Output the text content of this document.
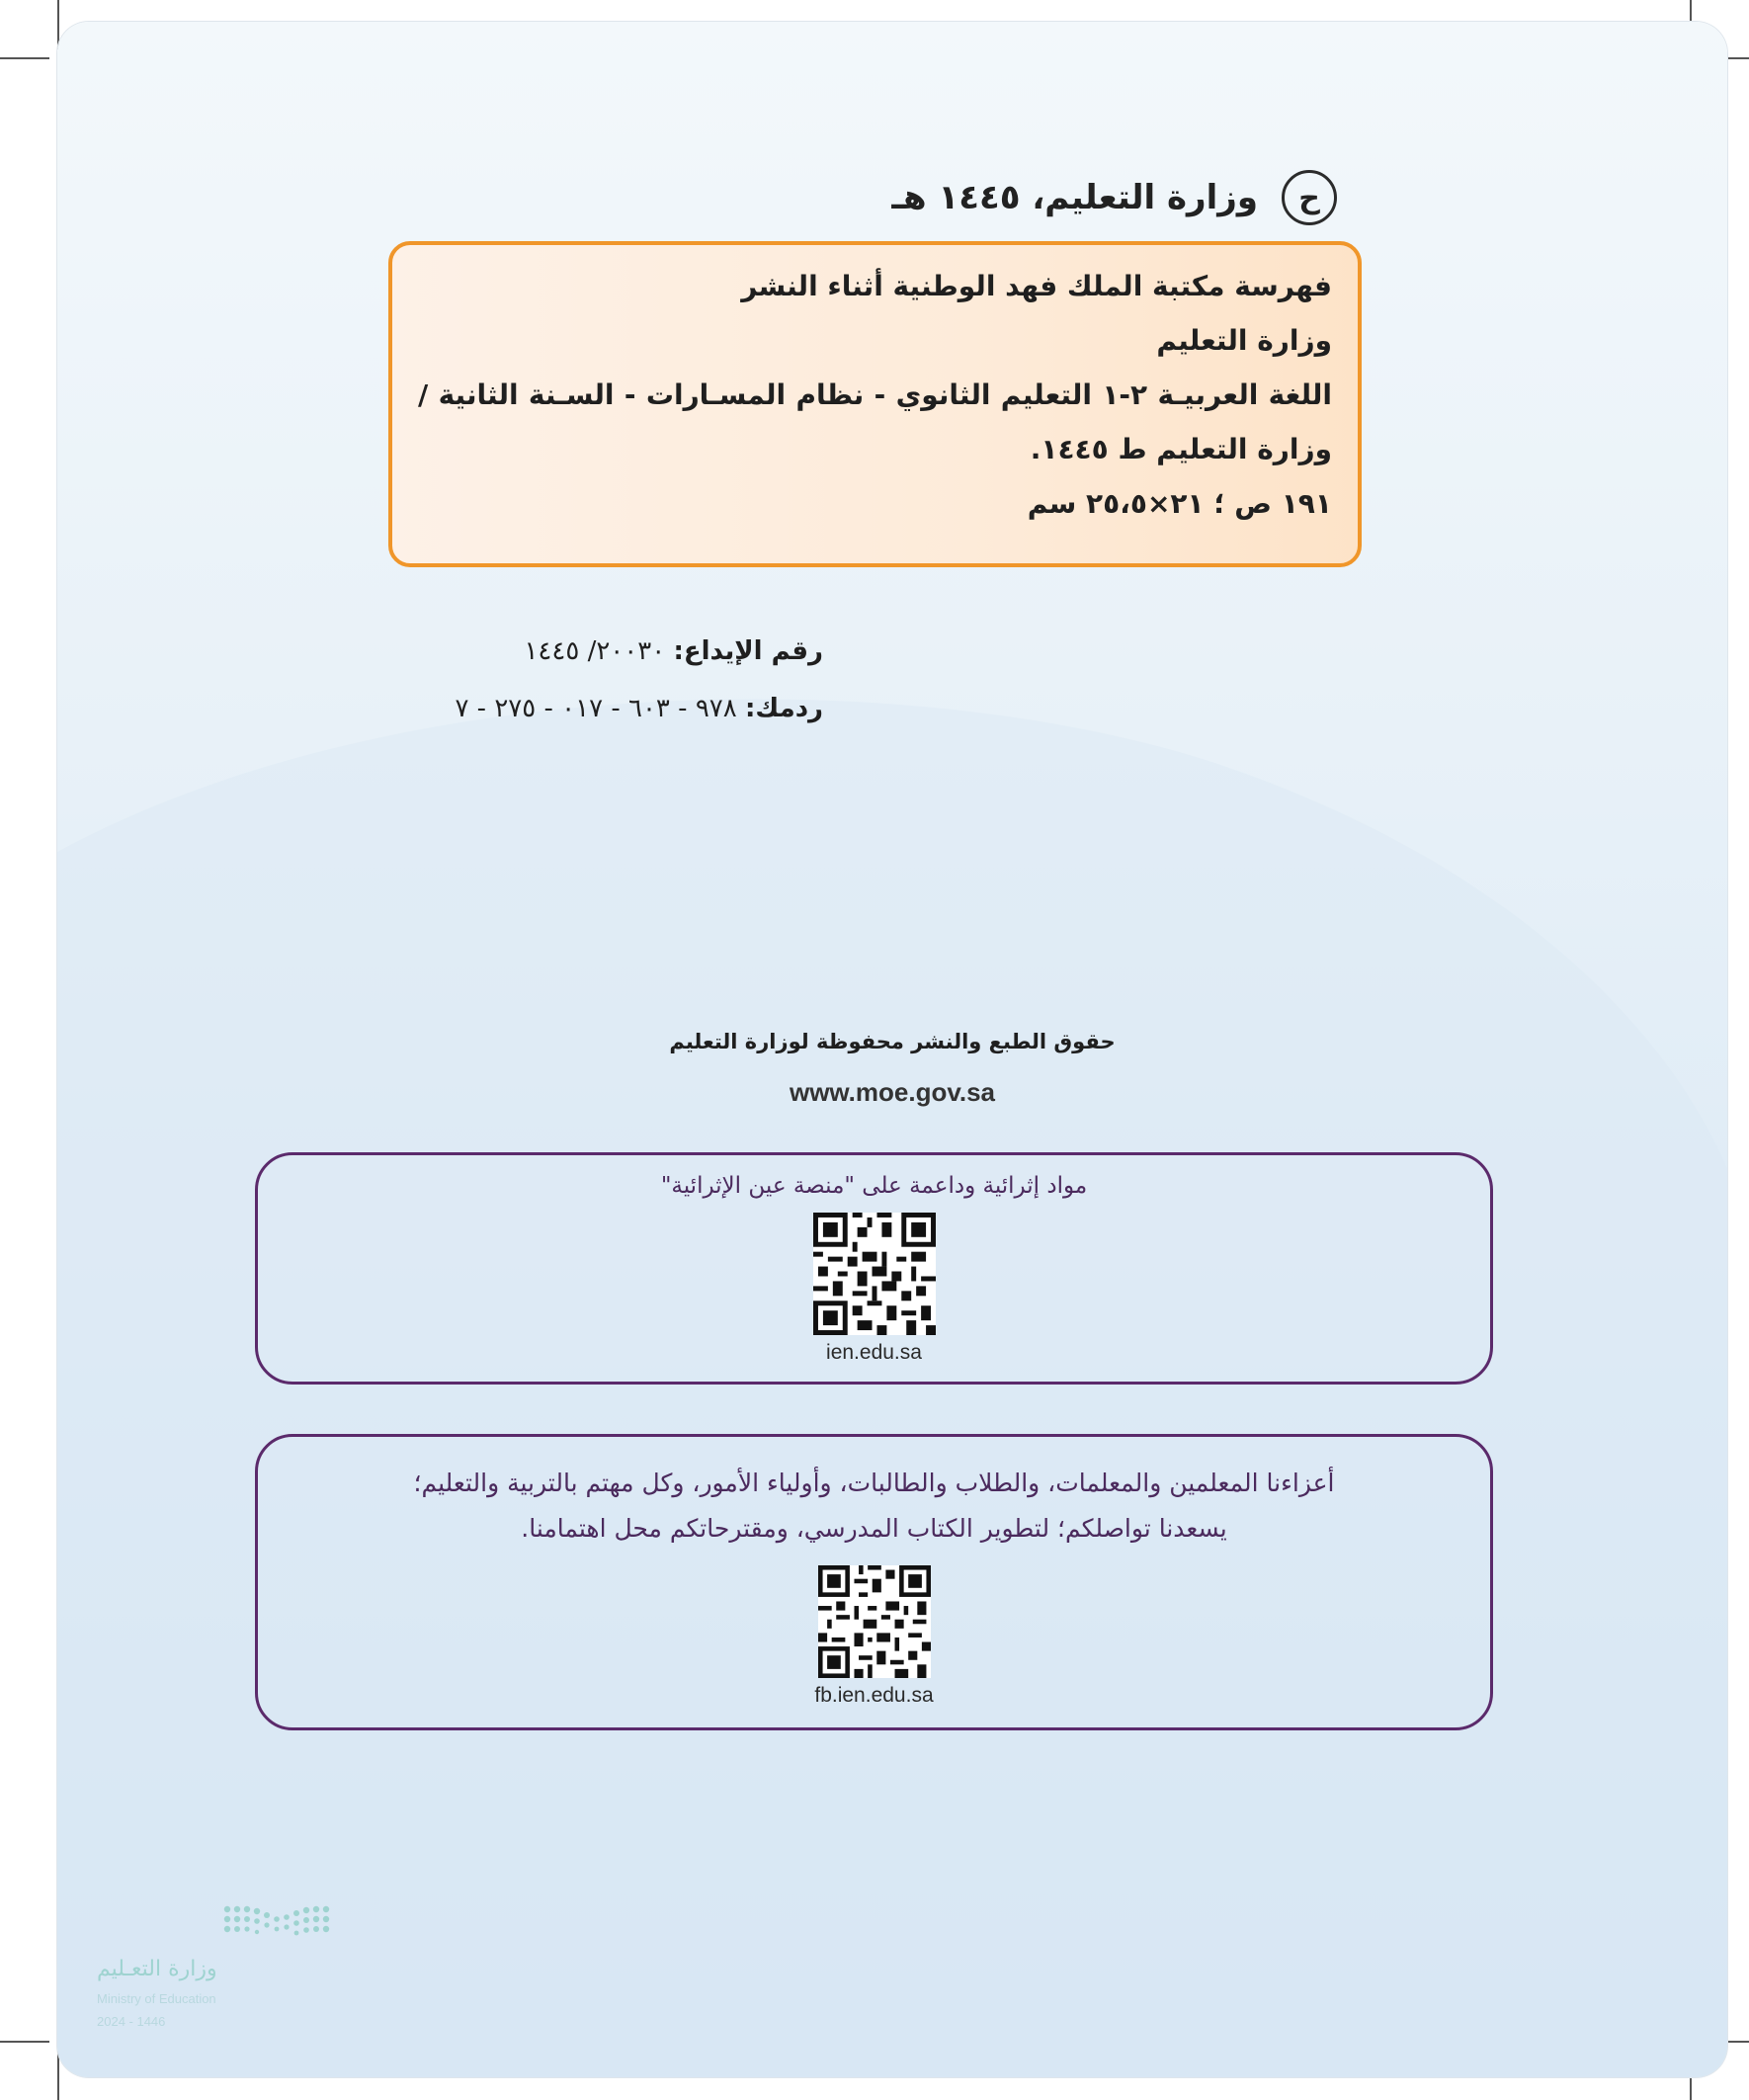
ح
وزارة التعليم، ١٤٤٥ هـ

فهرسة مكتبة الملك فهد الوطنية أثناء النشر

وزارة التعليم

اللغة العربيـة ٢-١ التعليم الثانوي - نظام المسـارات - السـنة الثانية / وزارة التعليم ط ١٤٤٥.

١٩١ ص ؛ ٢١×٢٥،٥ سم

رقم الإيداع: ٢٠٠٣٠/ ١٤٤٥
ردمك: ٩٧٨ - ٦٠٣ - ٠١٧ - ٢٧٥ - ٧
حقوق الطبع والنشر محفوظة لوزارة التعليم
www.moe.gov.sa
مواد إثرائية وداعمة على "منصة عين الإثرائية"
ien.edu.sa
أعزاءنا المعلمين والمعلمات، والطلاب والطالبات، وأولياء الأمور، وكل مهتم بالتربية والتعليم؛
يسعدنا تواصلكم؛ لتطوير الكتاب المدرسي، ومقترحاتكم محل اهتمامنا.
fb.ien.edu.sa
وزارة التعـليم
Ministry of Education
2024 - 1446
